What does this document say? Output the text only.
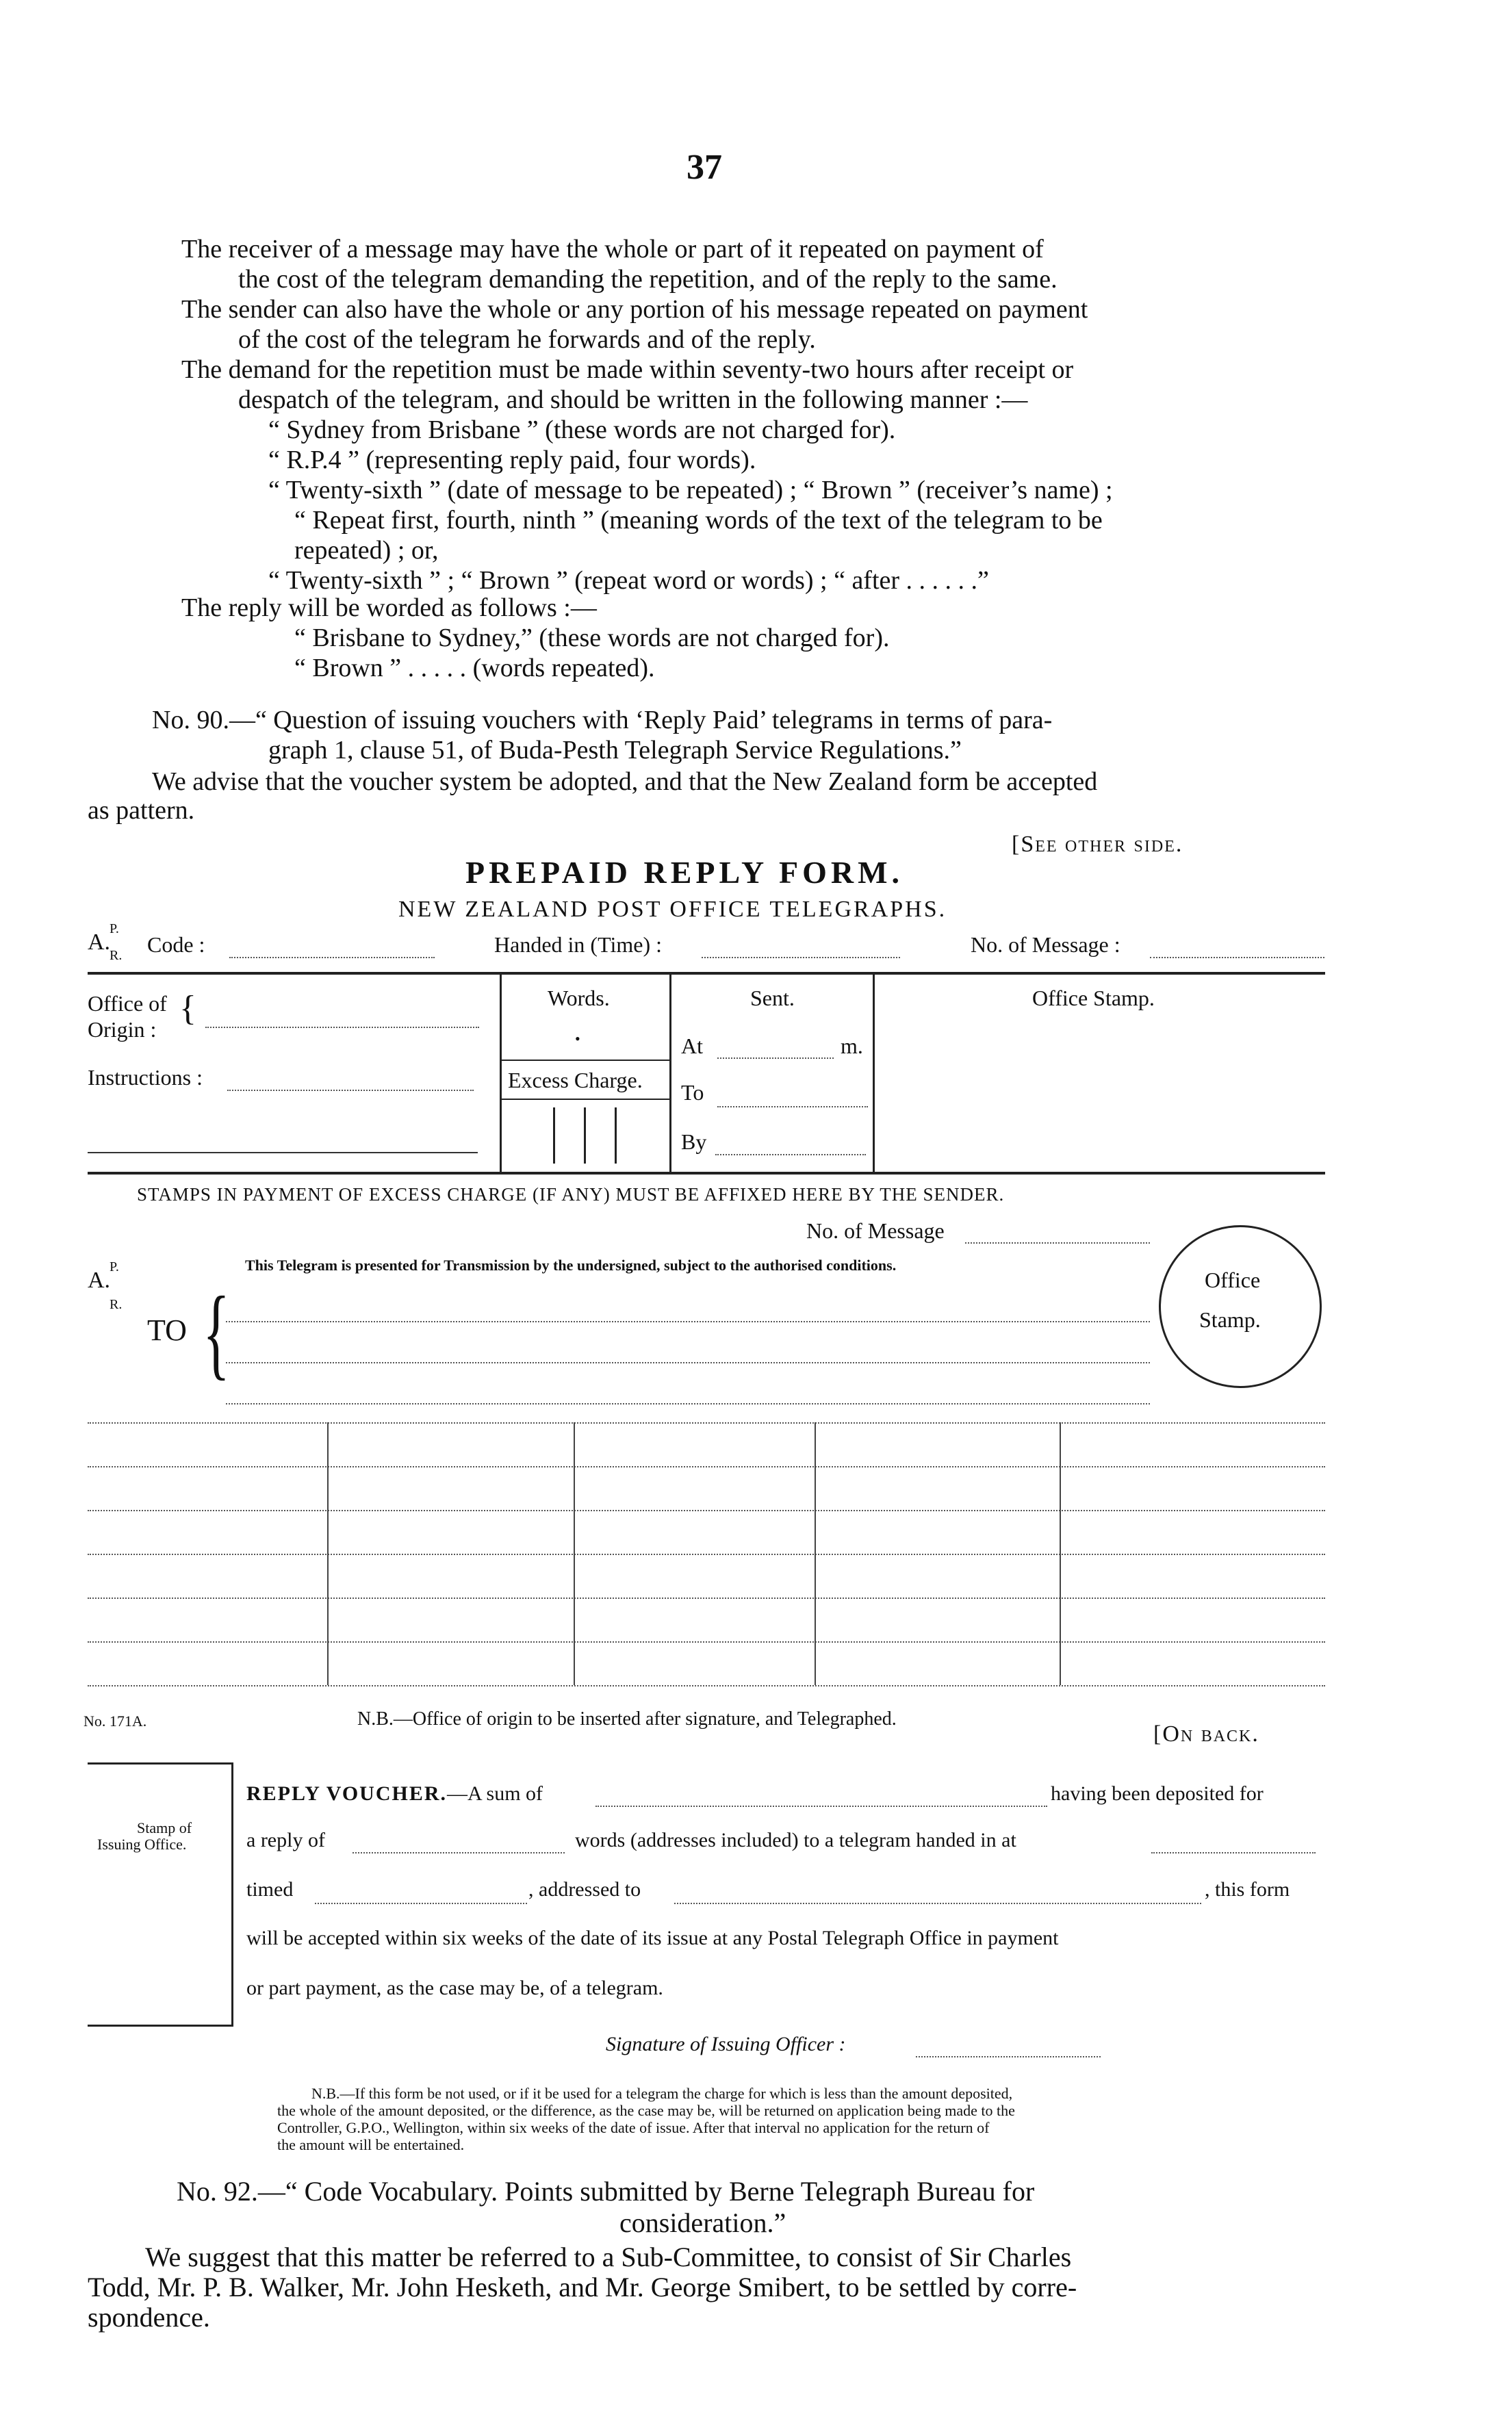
37
The receiver of a message may have the whole or part of it repeated on payment of
the cost of the telegram demanding the repetition, and of the reply to the same.
The sender can also have the whole or any portion of his message repeated on payment
of the cost of the telegram he forwards and of the reply.
The demand for the repetition must be made within seventy-two hours after receipt or
despatch of the telegram, and should be written in the following manner :—
“ Sydney from Brisbane ” (these words are not charged for).
“ R.P.4 ” (representing reply paid, four words).
“ Twenty-sixth ” (date of message to be repeated) ; “ Brown ” (receiver’s name) ;
“ Repeat first, fourth, ninth ” (meaning words of the text of the telegram to be
repeated) ; or,
“ Twenty-sixth ” ; “ Brown ” (repeat word or words) ; “ after . . . . . .”
The reply will be worded as follows :—
“ Brisbane to Sydney,” (these words are not charged for).
“ Brown ” . . . . . (words repeated).
No. 90.—“ Question of issuing vouchers with ‘Reply Paid’ telegrams in terms of para-
graph 1, clause 51, of Buda-Pesth Telegraph Service Regulations.”
We advise that the voucher system be adopted, and that the New Zealand form be accepted
as pattern.
[See other side.
PREPAID REPLY FORM.
NEW ZEALAND POST OFFICE TELEGRAPHS.
A.
P.
R. Code :	Handed in (Time) :	No. of Message :
Office of
Origin :
{
Instructions :
Words.
•
Excess Charge.
Sent.
At	m.
To
By
Office Stamp.
STAMPS IN PAYMENT OF EXCESS CHARGE (IF ANY) MUST BE AFFIXED HERE BY THE SENDER.
No. of Message
A.
P.
R.
This Telegram is presented for Transmission by the undersigned, subject to the authorised conditions.
TO {	Office
Stamp.
No. 171A.	N.B.—Office of origin to be inserted after signature, and Telegraphed.
[On back.
Stamp of
Issuing Office.
REPLY VOUCHER.—A sum of	having been deposited for
a reply of	words (addresses included) to a telegram handed in at
timed	, addressed to	, this form
will be accepted within six weeks of the date of its issue at any Postal Telegraph Office in payment
or part payment, as the case may be, of a telegram.
Signature of Issuing Officer :
N.B.—If this form be not used, or if it be used for a telegram the charge for which is less than the amount deposited,
the whole of the amount deposited, or the difference, as the case may be, will be returned on application being made to the
Controller, G.P.O., Wellington, within six weeks of the date of issue. After that interval no application for the return of
the amount will be entertained.
No. 92.—“ Code Vocabulary. Points submitted by Berne Telegraph Bureau for
consideration.”
We suggest that this matter be referred to a Sub-Committee, to consist of Sir Charles
Todd, Mr. P. B. Walker, Mr. John Hesketh, and Mr. George Smibert, to be settled by corre-
spondence.
